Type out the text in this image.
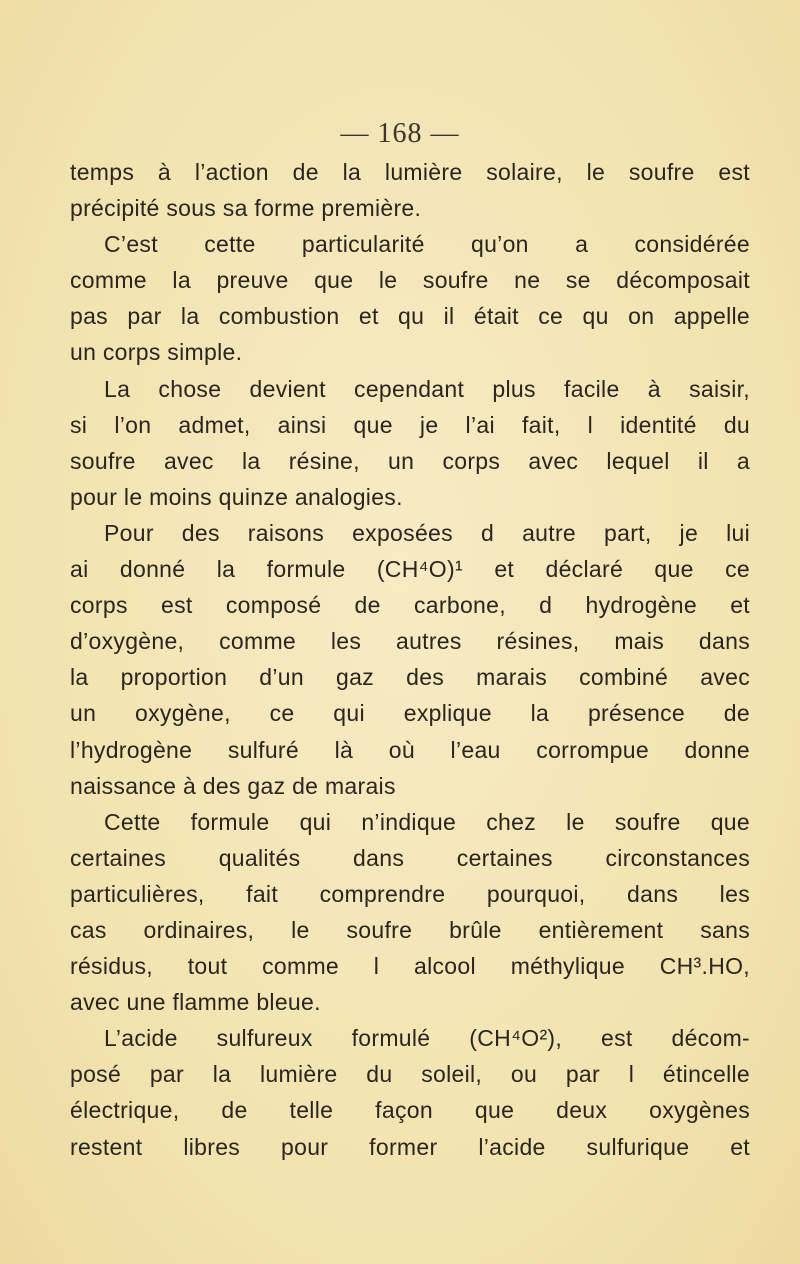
— 168 —
temps à l’action de la lumière solaire, le soufre est
précipité sous sa forme première.
C’est cette particularité qu’on a considérée
comme la preuve que le soufre ne se décomposait
pas par la combustion et qu il était ce qu on appelle
un corps simple.
La chose devient cependant plus facile à saisir,
si l’on admet, ainsi que je l’ai fait, l identité du
soufre avec la résine, un corps avec lequel il a
pour le moins quinze analogies.
Pour des raisons exposées d autre part, je lui
ai donné la formule (CH⁴O)¹ et déclaré que ce
corps est composé de carbone, d hydrogène et
d’oxygène, comme les autres résines, mais dans
la proportion d’un gaz des marais combiné avec
un oxygène, ce qui explique la présence de
l’hydrogène sulfuré là où l’eau corrompue donne
naissance à des gaz de marais
Cette formule qui n’indique chez le soufre que
certaines qualités dans certaines circonstances
particulières, fait comprendre pourquoi, dans les
cas ordinaires, le soufre brûle entièrement sans
résidus, tout comme l alcool méthylique CH³.HO,
avec une flamme bleue.
L’acide sulfureux formulé (CH⁴O²), est décom-
posé par la lumière du soleil, ou par l étincelle
électrique, de telle façon que deux oxygènes
restent libres pour former l’acide sulfurique et
